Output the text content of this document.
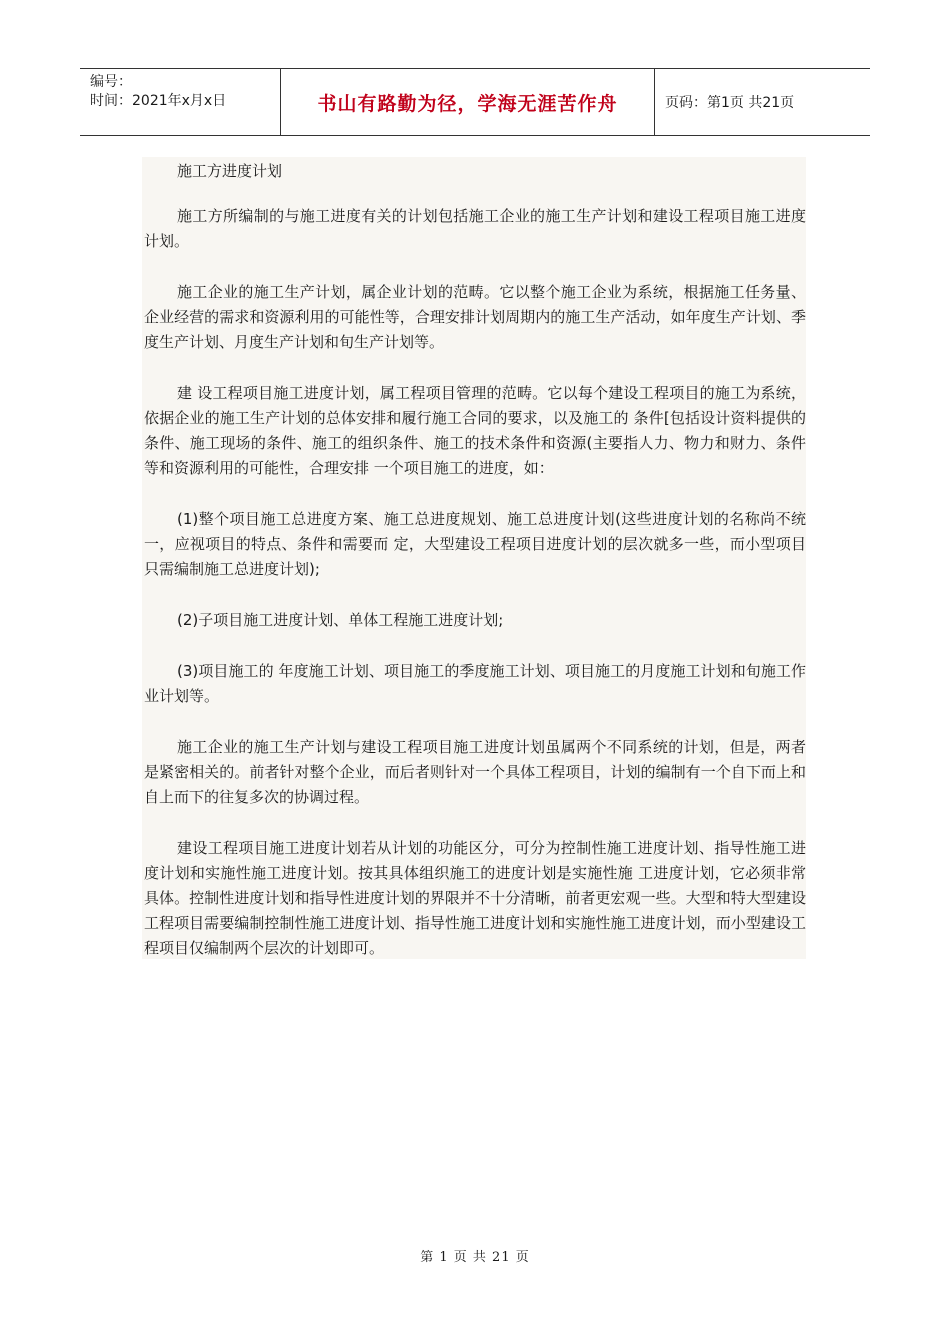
编号：
时间：2021年x月x日	书山有路勤为径，学海无涯苦作舟	页码：第1页 共21页

施工方进度计划

施工方所编制的与施工进度有关的计划包括施工企业的施工生产计划和建设工程项目施工进度计划。

施工企业的施工生产计划，属企业计划的范畴。它以整个施工企业为系统，根据施工任务量、企业经营的需求和资源利用的可能性等，合理安排计划周期内的施工生产活动，如年度生产计划、季度生产计划、月度生产计划和旬生产计划等。

建 设工程项目施工进度计划，属工程项目管理的范畴。它以每个建设工程项目的施工为系统，依据企业的施工生产计划的总体安排和履行施工合同的要求，以及施工的 条件[包括设计资料提供的条件、施工现场的条件、施工的组织条件、施工的技术条件和资源(主要指人力、物力和财力、条件等和资源利用的可能性，合理安排 一个项目施工的进度，如：

(1)整个项目施工总进度方案、施工总进度规划、施工总进度计划(这些进度计划的名称尚不统一，应视项目的特点、条件和需要而 定，大型建设工程项目进度计划的层次就多一些，而小型项目只需编制施工总进度计划);

(2)子项目施工进度计划、单体工程施工进度计划;

(3)项目施工的 年度施工计划、项目施工的季度施工计划、项目施工的月度施工计划和旬施工作业计划等。

施工企业的施工生产计划与建设工程项目施工进度计划虽属两个不同系统的计划，但是，两者是紧密相关的。前者针对整个企业，而后者则针对一个具体工程项目，计划的编制有一个自下而上和自上而下的往复多次的协调过程。

建设工程项目施工进度计划若从计划的功能区分，可分为控制性施工进度计划、指导性施工进度计划和实施性施工进度计划。按其具体组织施工的进度计划是实施性施 工进度计划，它必须非常具体。控制性进度计划和指导性进度计划的界限并不十分清晰，前者更宏观一些。大型和特大型建设工程项目需要编制控制性施工进度计划、指导性施工进度计划和实施性施工进度计划，而小型建设工程项目仅编制两个层次的计划即可。

第 1 页 共 21 页
